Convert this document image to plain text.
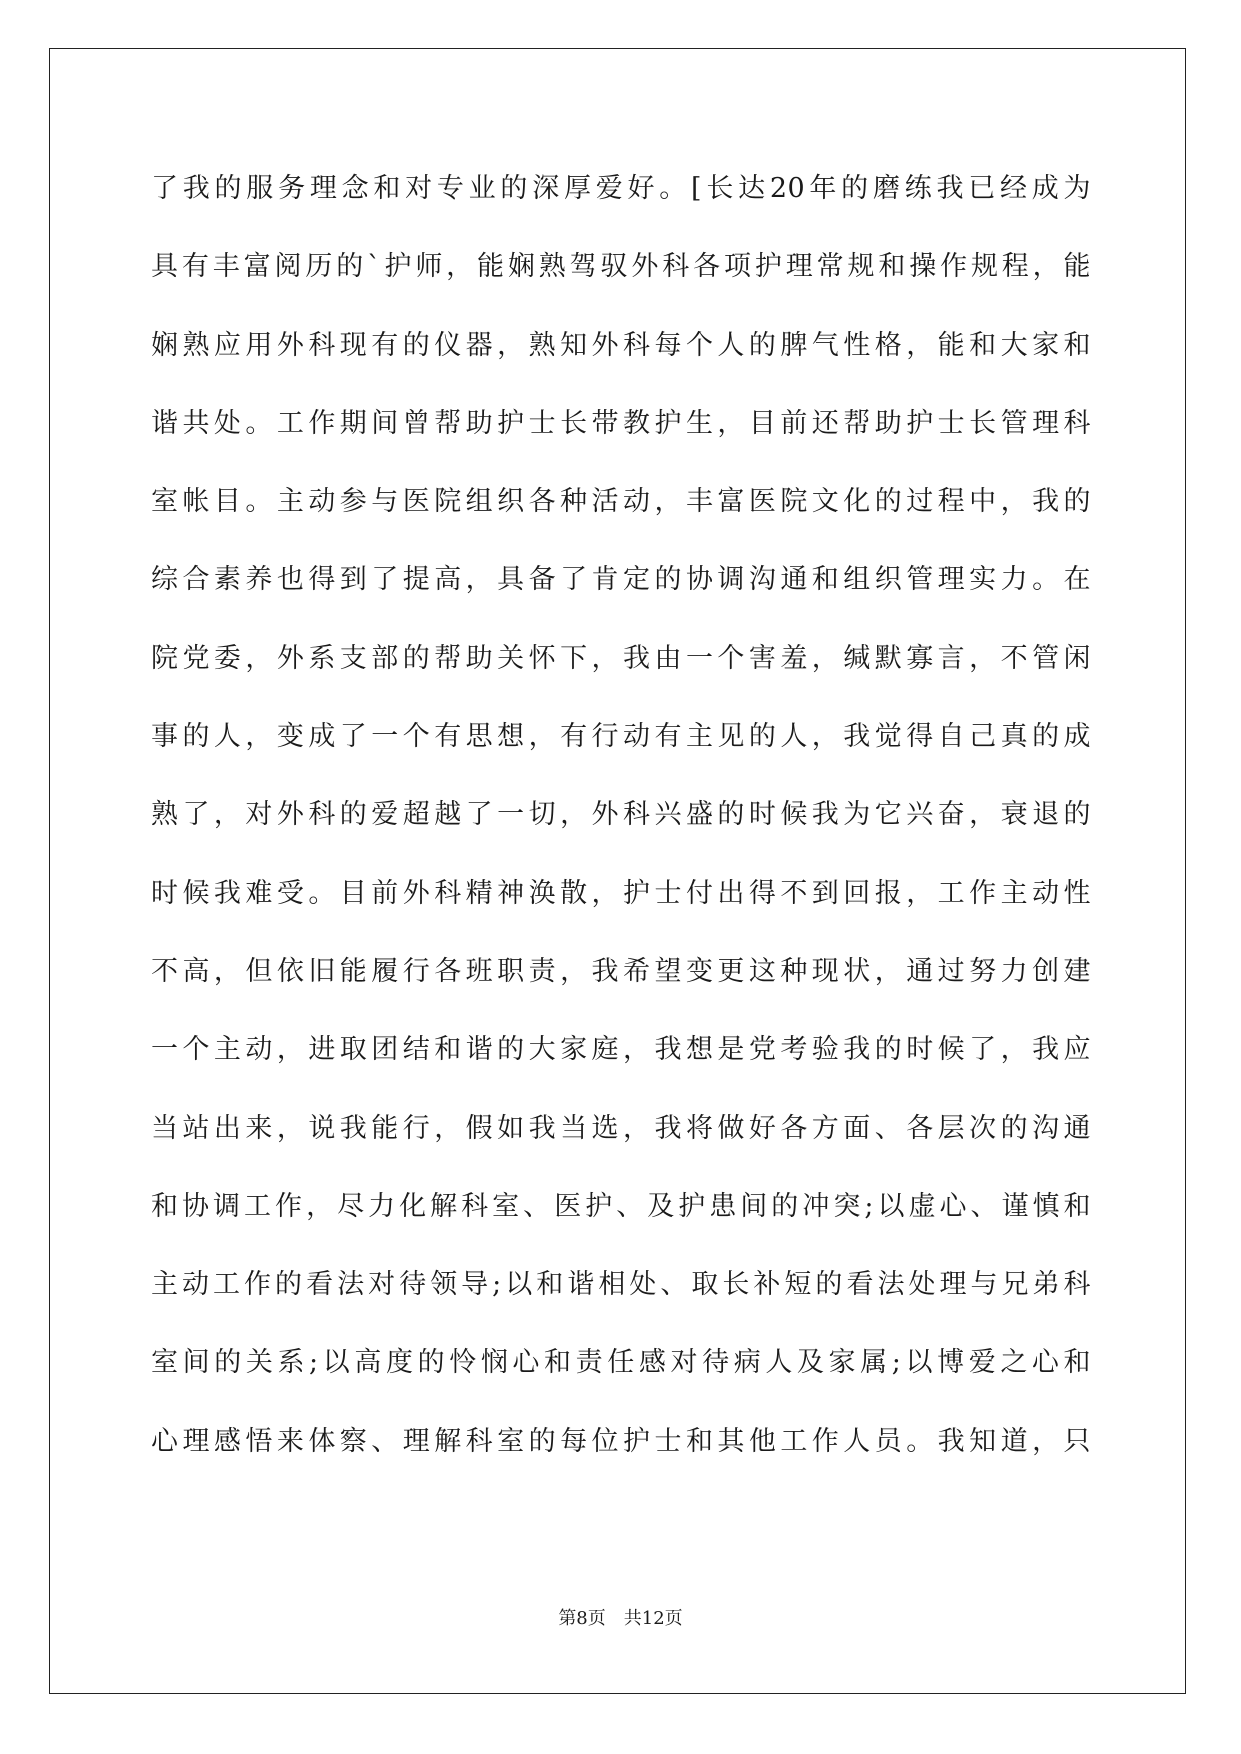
了我的服务理念和对专业的深厚爱好。[长达20年的磨练我已经成为
具有丰富阅历的`护师，能娴熟驾驭外科各项护理常规和操作规程，能
娴熟应用外科现有的仪器，熟知外科每个人的脾气性格，能和大家和
谐共处。工作期间曾帮助护士长带教护生，目前还帮助护士长管理科
室帐目。主动参与医院组织各种活动，丰富医院文化的过程中，我的
综合素养也得到了提高，具备了肯定的协调沟通和组织管理实力。在
院党委，外系支部的帮助关怀下，我由一个害羞，缄默寡言，不管闲
事的人，变成了一个有思想，有行动有主见的人，我觉得自己真的成
熟了，对外科的爱超越了一切，外科兴盛的时候我为它兴奋，衰退的
时候我难受。目前外科精神涣散，护士付出得不到回报，工作主动性
不高，但依旧能履行各班职责，我希望变更这种现状，通过努力创建
一个主动，进取团结和谐的大家庭，我想是党考验我的时候了，我应
当站出来，说我能行，假如我当选，我将做好各方面、各层次的沟通
和协调工作，尽力化解科室、医护、及护患间的冲突;以虚心、谨慎和
主动工作的看法对待领导;以和谐相处、取长补短的看法处理与兄弟科
室间的关系;以高度的怜悯心和责任感对待病人及家属;以博爱之心和
心理感悟来体察、理解科室的每位护士和其他工作人员。我知道，只
第8页 共12页
